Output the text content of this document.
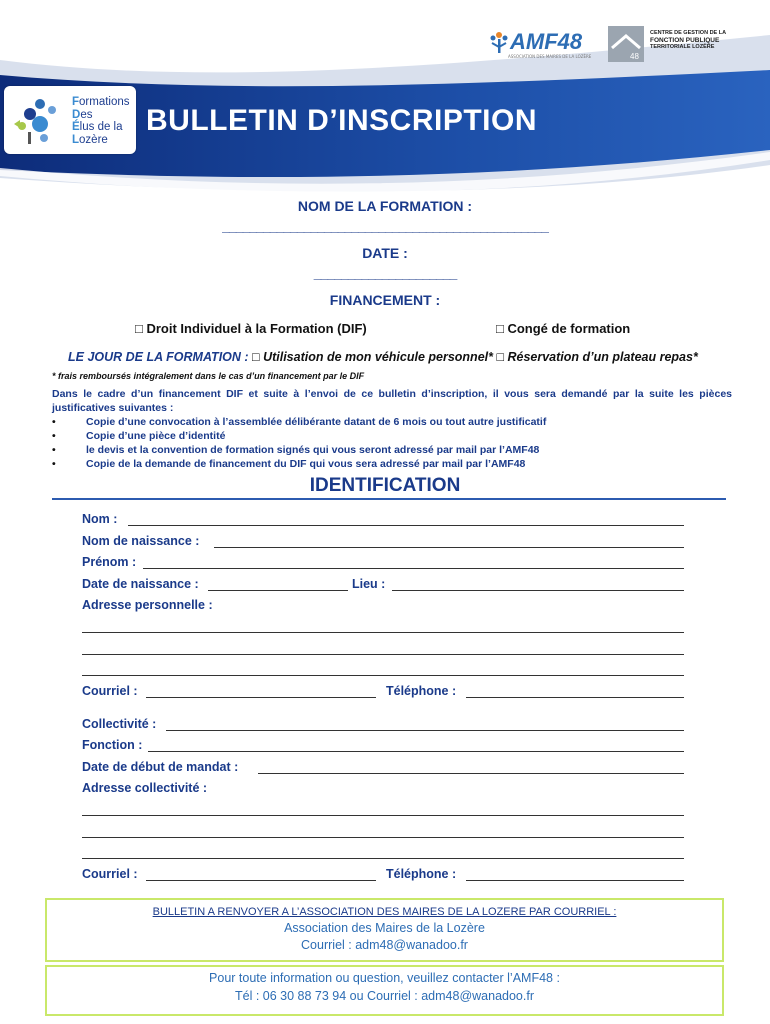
AMF48
ASSOCIATION DES MAIRES DE LA LOZÈRE	48
CENTRE DE GESTION DE LA
FONCTION PUBLIQUE
TERRITORIALE LOZÈRE
Formations
Des
Élus de la
Lozère
BULLETIN D’INSCRIPTION
NOM DE LA FORMATION :
________________________________________________
DATE :
_____________________
FINANCEMENT :
□ Droit Individuel à la Formation (DIF)	□ Congé de formation
LE JOUR DE LA FORMATION : □ Utilisation de mon véhicule personnel* □ Réservation d’un plateau repas*
* frais remboursés intégralement dans le cas d’un financement par le DIF
Dans le cadre d’un financement DIF et suite à l’envoi de ce bulletin d’inscription, il vous sera demandé par la suite les pièces justificatives suivantes :
• Copie d’une convocation à l’assemblée délibérante datant de 6 mois ou tout autre justificatif
• Copie d’une pièce d’identité
• le devis et la convention de formation signés qui vous seront adressé par mail par l’AMF48
• Copie de la demande de financement du DIF qui vous sera adressé par mail par l’AMF48
IDENTIFICATION
Nom :
Nom de naissance :
Prénom :
Date de naissance :	Lieu :
Adresse personnelle :
Courriel :	Téléphone :
Collectivité :
Fonction :
Date de début de mandat :
Adresse collectivité :
Courriel :	Téléphone :
BULLETIN A RENVOYER A L’ASSOCIATION DES MAIRES DE LA LOZERE PAR COURRIEL :
Association des Maires de la Lozère
Courriel : adm48@wanadoo.fr
Pour toute information ou question, veuillez contacter l’AMF48 :
Tél : 06 30 88 73 94 ou Courriel : adm48@wanadoo.fr
